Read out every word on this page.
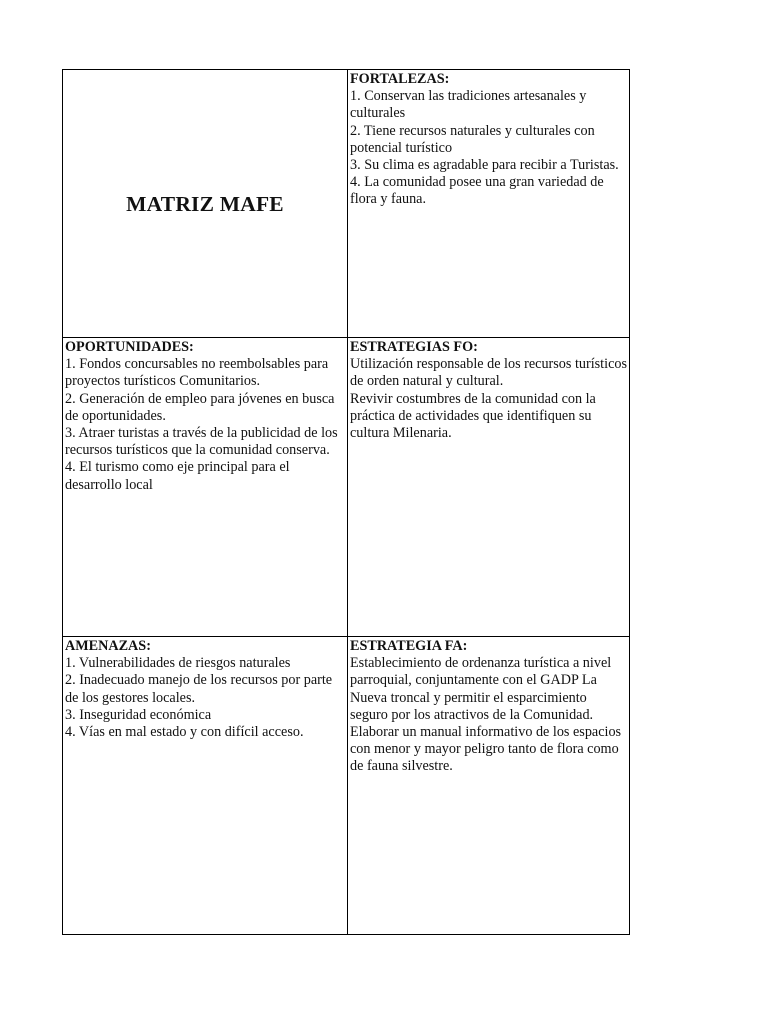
MATRIZ MAFE
FORTALEZAS:
1. Conservan las tradiciones artesanales y culturales
2. Tiene recursos naturales y culturales con potencial turístico
3. Su clima es agradable para recibir a Turistas.
4. La comunidad posee una gran variedad de flora y fauna.
OPORTUNIDADES:
1. Fondos concursables no reembolsables para proyectos turísticos Comunitarios.
2. Generación de empleo para jóvenes en busca de oportunidades.
3. Atraer turistas a través de la publicidad de los recursos turísticos que la comunidad conserva.
4. El turismo como eje principal para el desarrollo local
ESTRATEGIAS FO:
Utilización responsable de los recursos turísticos de orden natural y cultural.
Revivir costumbres de la comunidad con la práctica de actividades que identifiquen su cultura Milenaria.
AMENAZAS:
1. Vulnerabilidades de riesgos naturales
2. Inadecuado manejo de los recursos por parte de los gestores locales.
3. Inseguridad económica
4. Vías en mal estado y con difícil acceso.
ESTRATEGIA FA:
Establecimiento de ordenanza turística a nivel parroquial, conjuntamente con el GADP La Nueva troncal y permitir el esparcimiento seguro por los atractivos de la Comunidad.
Elaborar un manual informativo de los espacios con menor y mayor peligro tanto de flora como de fauna silvestre.
